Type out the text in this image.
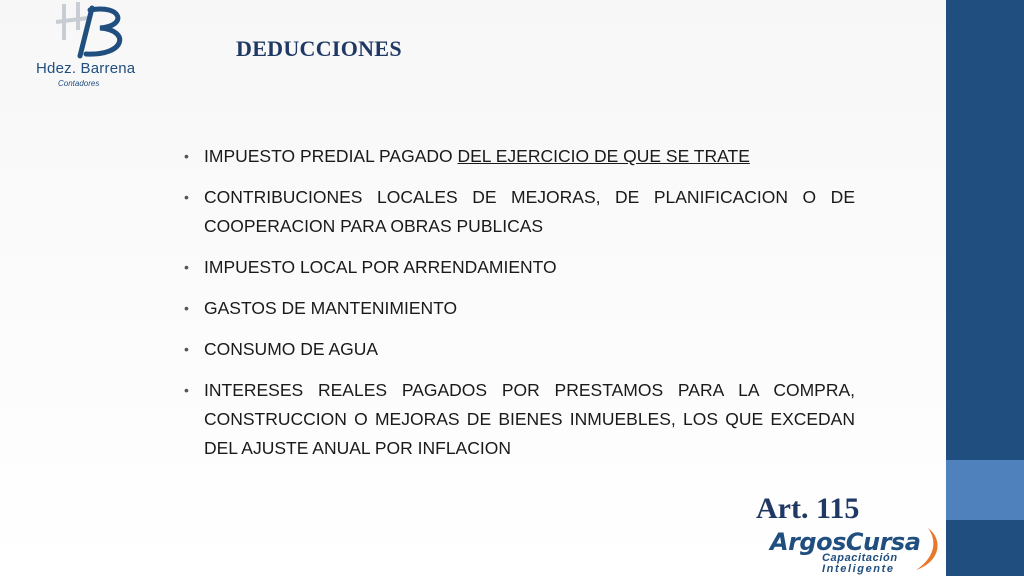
Hdez. Barrena
Contadores
DEDUCCIONES
• IMPUESTO PREDIAL PAGADO DEL EJERCICIO DE QUE SE TRATE
• CONTRIBUCIONES LOCALES DE MEJORAS, DE PLANIFICACION O DE COOPERACION PARA OBRAS PUBLICAS
• IMPUESTO LOCAL POR ARRENDAMIENTO
• GASTOS DE MANTENIMIENTO
• CONSUMO DE AGUA
• INTERESES REALES PAGADOS POR PRESTAMOS PARA LA COMPRA, CONSTRUCCION O MEJORAS DE BIENES INMUEBLES, LOS QUE EXCEDAN DEL AJUSTE ANUAL POR INFLACION
Art. 115
ArgosCursa
Capacitación
Inteligente
